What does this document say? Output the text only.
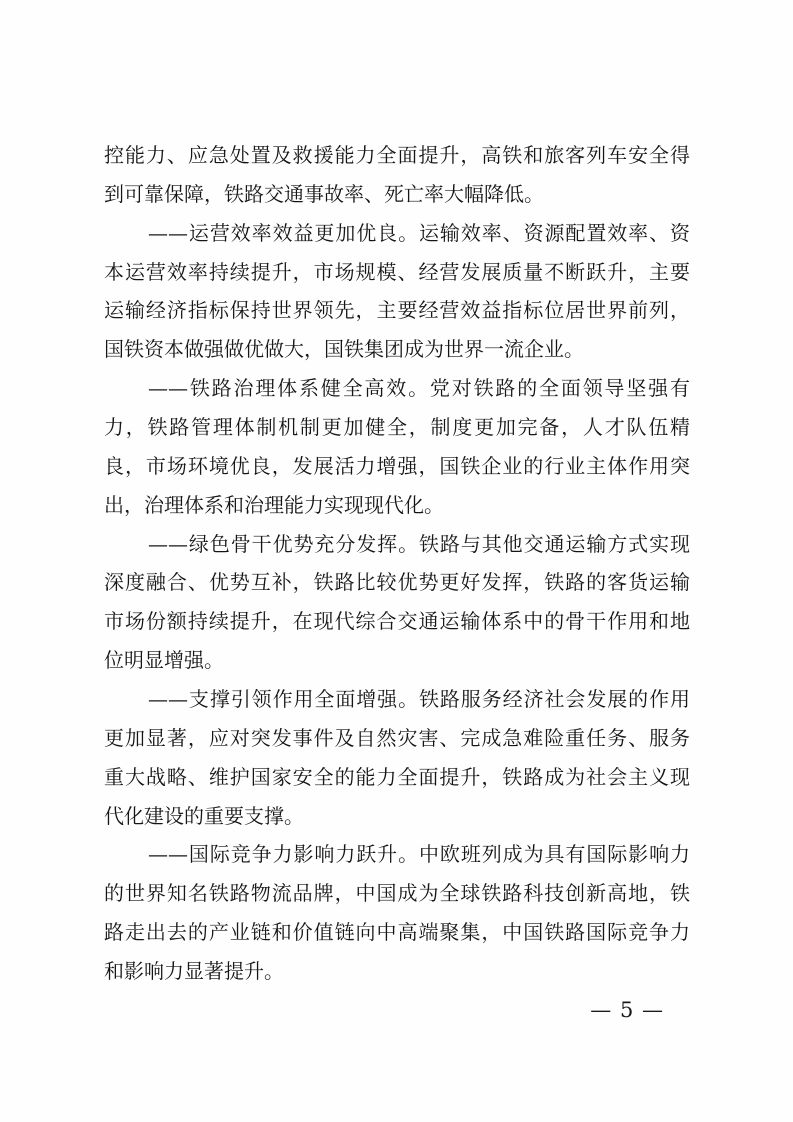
控能力、应急处置及救援能力全面提升，高铁和旅客列车安全得
到可靠保障，铁路交通事故率、死亡率大幅降低。
——运营效率效益更加优良。运输效率、资源配置效率、资
本运营效率持续提升，市场规模、经营发展质量不断跃升，主要
运输经济指标保持世界领先，主要经营效益指标位居世界前列，
国铁资本做强做优做大，国铁集团成为世界一流企业。
——铁路治理体系健全高效。党对铁路的全面领导坚强有
力，铁路管理体制机制更加健全，制度更加完备，人才队伍精
良，市场环境优良，发展活力增强，国铁企业的行业主体作用突
出，治理体系和治理能力实现现代化。
——绿色骨干优势充分发挥。铁路与其他交通运输方式实现
深度融合、优势互补，铁路比较优势更好发挥，铁路的客货运输
市场份额持续提升，在现代综合交通运输体系中的骨干作用和地
位明显增强。
——支撑引领作用全面增强。铁路服务经济社会发展的作用
更加显著，应对突发事件及自然灾害、完成急难险重任务、服务
重大战略、维护国家安全的能力全面提升，铁路成为社会主义现
代化建设的重要支撑。
——国际竞争力影响力跃升。中欧班列成为具有国际影响力
的世界知名铁路物流品牌，中国成为全球铁路科技创新高地，铁
路走出去的产业链和价值链向中高端聚集，中国铁路国际竞争力
和影响力显著提升。
— 5 —
